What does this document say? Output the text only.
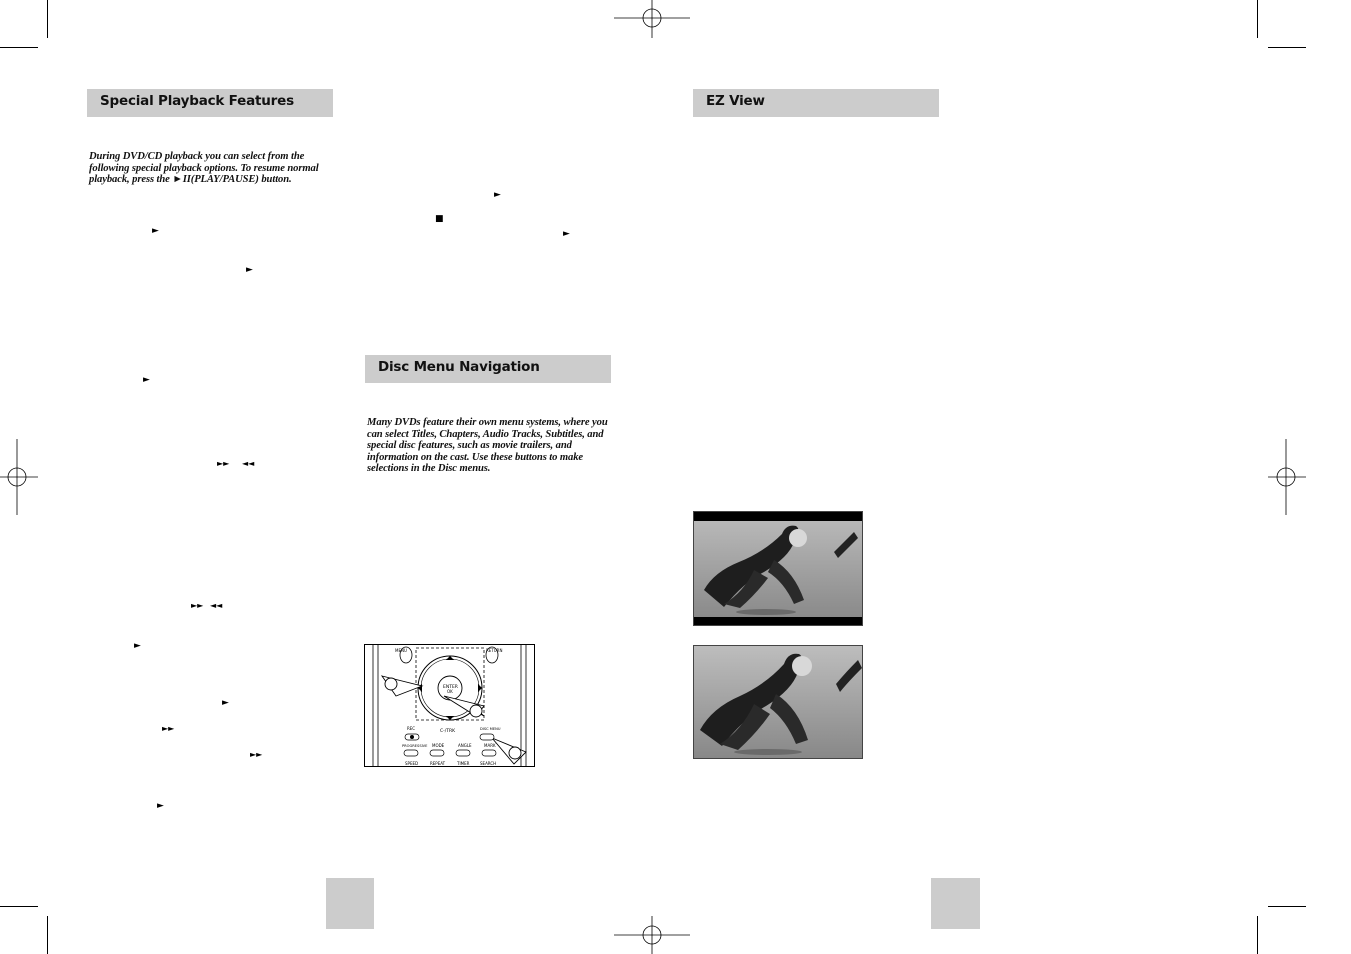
Special Playback Features
During DVD/CD playback you can select from the following special playback options. To resume normal playback, press the ►II(PLAY/PAUSE) button.
►
►
►
►► ◄◄
►► ◄◄
►
►
►►
►►
►
►
■
►
Disc Menu Navigation
Many DVDs feature their own menu systems, where you can select Titles, Chapters, Audio Tracks, Subtitles, and special disc features, such as movie trailers, and information on the cast. Use these buttons to make selections in the Disc menus.
MENU	RETURN
ENTER
OK
C-/TRK
REC
PROGRESSIVE MODE	ANGLE	MARK
DISC MENU
SPEED	REPEAT	TIMER	SEARCH
EZ View
